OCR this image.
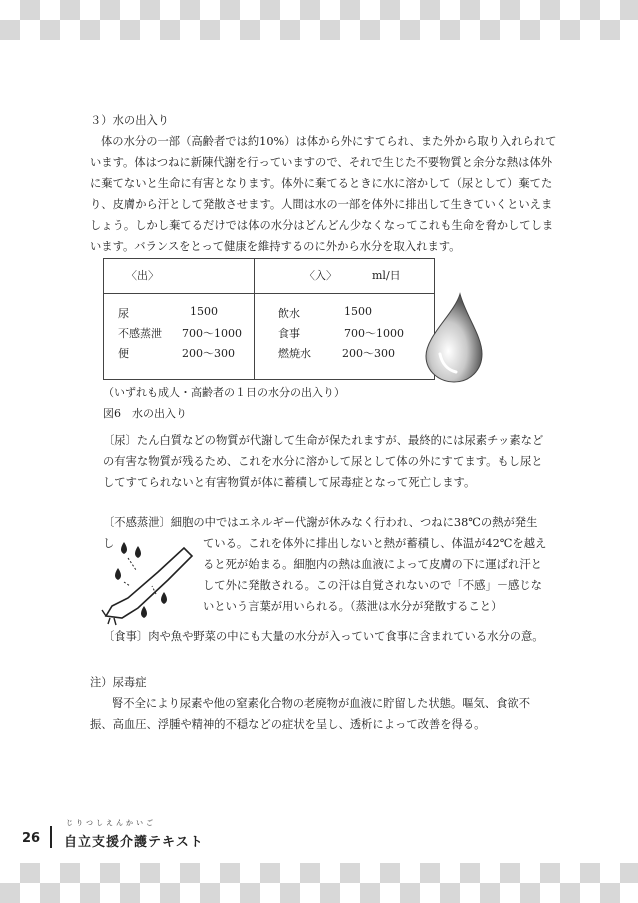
３）水の出入り

体の水分の一部（高齢者では約10%）は体から外にすてられ、また外から取り入れられています。体はつねに新陳代謝を行っていますので、それで生じた不要物質と余分な熱は体外に棄てないと生命に有害となります。体外に棄てるときに水に溶かして（尿として）棄てたり、皮膚から汗として発散させます。人間は水の一部を体外に排出して生きていくといえましょう。しかし棄てるだけでは体の水分はどんどん少なくなってこれも生命を脅かしてしまいます。バランスをとって健康を維持するのに外から水分を取入れます。

〈出〉	〈入〉	ml/日
尿	1500	飲水	1500
不感蒸泄 700～1000	食事	700～1000
便	200～300	燃焼水	200～300
（いずれも成人・高齢者の１日の水分の出入り）
図6　水の出入り
〔尿〕たん白質などの物質が代謝して生命が保たれますが、最終的には尿素チッ素などの有害な物質が残るため、これを水分に溶かして尿として体の外にすてます。もし尿としてすてられないと有害物質が体に蓄積して尿毒症となって死亡します。
〔不感蒸泄〕細胞の中ではエネルギー代謝が休みなく行われ、つねに38℃の熱が発生し	ている。これを体外に排出しないと熱が蓄積し、体温が42℃を越えると死が始まる。細胞内の熱は血液によって皮膚の下に運ばれ汗として外に発散される。この汗は自覚されないので「不感」－感じないという言葉が用いられる。（蒸泄は水分が発散すること）
〔食事〕肉や魚や野菜の中にも大量の水分が入っていて食事に含まれている水分の意。
注）尿毒症
腎不全により尿素や他の窒素化合物の老廃物が血液に貯留した状態。嘔気、食欲不振、高血圧、浮腫や精神的不穏などの症状を呈し、透析によって改善を得る。
26
じりつしえんかいご
自立支援介護テキスト
